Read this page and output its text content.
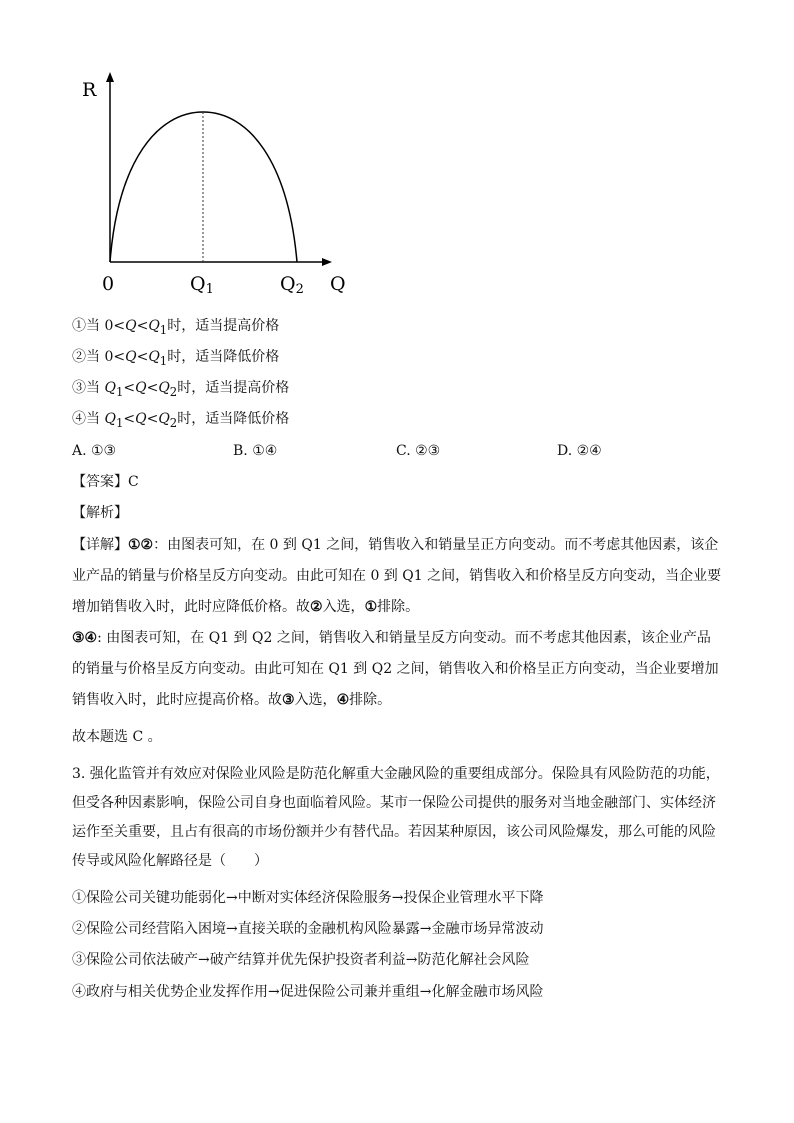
R
0	Q1	Q2 Q
①当 $0<Q<Q_1$时，适当提高价格
②当 $0<Q<Q_1$时，适当降低价格
③当 $Q_1<Q<Q_2$时，适当提高价格
④当 $Q_1<Q<Q_2$时，适当降低价格
A. ①③	B. ①④	C. ②③	D. ②④
【答案】C
【解析】
【详解】①②：由图表可知，在 0 到 Q1 之间，销售收入和销量呈正方向变动。而不考虑其他因素，该企业产品的销量与价格呈反方向变动。由此可知在 0 到 Q1 之间，销售收入和价格呈反方向变动，当企业要增加销售收入时，此时应降低价格。故②入选，①排除。
③④: 由图表可知，在 Q1 到 Q2 之间，销售收入和销量呈反方向变动。而不考虑其他因素，该企业产品的销量与价格呈反方向变动。由此可知在 Q1 到 Q2 之间，销售收入和价格呈正方向变动，当企业要增加销售收入时，此时应提高价格。故③入选，④排除。
故本题选 C 。
3. 强化监管并有效应对保险业风险是防范化解重大金融风险的重要组成部分。保险具有风险防范的功能，但受各种因素影响，保险公司自身也面临着风险。某市一保险公司提供的服务对当地金融部门、实体经济运作至关重要，且占有很高的市场份额并少有替代品。若因某种原因，该公司风险爆发，那么可能的风险传导或风险化解路径是（　　）
①保险公司关键功能弱化→中断对实体经济保险服务→投保企业管理水平下降
②保险公司经营陷入困境→直接关联的金融机构风险暴露→金融市场异常波动
③保险公司依法破产→破产结算并优先保护投资者利益→防范化解社会风险
④政府与相关优势企业发挥作用→促进保险公司兼并重组→化解金融市场风险
